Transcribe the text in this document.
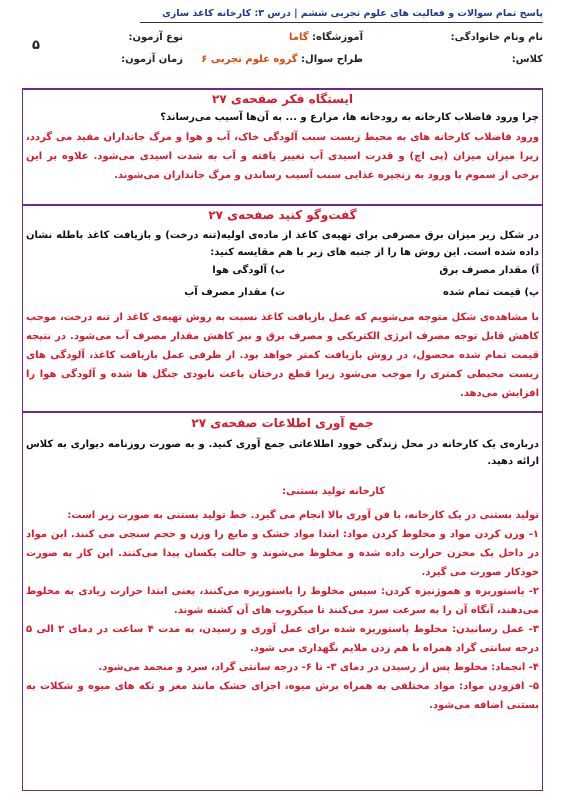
پاسخ تمام سوالات و فعالیت های علوم تجربی ششم | درس ۳: کارخانه کاغذ سازی
نام ونام خانوادگی:
آموزشگاه: گاما
نوع آزمون:
۵
کلاس:
طراح سوال: گروه علوم تجربی ۶
زمان آزمون:
ایستگاه فکر صفحه‌ی ۲۷
چرا ورود فاضلاب کارخانه به رودخانه ها، مزارع و ... به آن‌ها آسیب می‌رساند؟
ورود فاضلاب کارخانه های به محیط زیست سبب آلودگی خاک، آب و هوا و مرگ جانداران مفید می گردد، زیرا میزان میزان (پی اچ) و قدرت اسیدی آب تغییر یافته و آب به شدت اسیدی می‌شود. علاوه بر این برخی از سموم با ورود به زنجیره غذایی سبب آسیب رساندن و مرگ جانداران می‌شوند.
گفت‌وگو کنید صفحه‌ی ۲۷
در شکل زیر میزان برق مصرفی برای تهیه‌ی کاغذ از ماده‌ی اولیه(تنه درخت) و بازیافت کاغذ باطله نشان داده شده است. این روش ها را از جنبه های زیر با هم مقایسه کنید:
آ) مقدار مصرف برق
ب) آلودگی هوا
پ) قیمت تمام شده
ت) مقدار مصرف آب
با مشاهده‌ی شکل متوجه می‌شویم که عمل بازیافت کاغذ نسبت به روش تهیه‌ی کاغذ از تنه درخت، موجب کاهش قابل توجه مصرف انرژی الکتریکی و مصرف برق و نیز کاهش مقدار مصرف آب می‌شود. در نتیجه قیمت تمام شده محصول، در روش بازیافت کمتر خواهد بود. از طرفی عمل بازیافت کاغذ، آلودگی های زیست محیطی کمتری را موجب می‌شود زیرا قطع درختان باعث نابودی جنگل ها شده و آلودگی هوا را افزایش می‌دهد.
جمع آوری اطلاعات صفحه‌ی ۲۷
درباره‌ی یک کارخانه در محل زندگی خوود اطلاعاتی جمع آوری کنید. و به صورت روزنامه دیواری به کلاس ارائه دهید.
کارخانه تولید بستنی:

تولید بستنی در یک کارخانه، با فن آوری بالا انجام می گیرد. خط تولید بستنی به صورت زیر است:

۱- وزن کردن مواد و مخلوط کردن مواد: ابتدا مواد خشک و مایع را وزن و حجم سنجی می کنند. این مواد در داخل یک مخزن حرارت داده شده و مخلوط می‌شوند و حالت یکسان پیدا می‌کنند. این کار به صورت خودکار صورت می گیرد.

۲- پاستوریزه و هموژنیزه کردن: سپس مخلوط را پاستوریزه می‌کنند، یعنی ابتدا حرارت زیادی به مخلوط می‌دهند، آنگاه آن را به سرعت سرد می‌کنند تا میکروب های آن کشته شوند.

۳- عمل رسانیدن: مخلوط پاستوریزه شده برای عمل آوری و رسیدن، به مدت ۴ ساعت در دمای ۲ الی ۵ درجه سانتی گراد همراه با هم زدن ملایم نگهداری می شود.

۴- انجماد: مخلوط پس از رسیدن در دمای ۳- تا ۶- درجه سانتی گراد، سرد و منجمد می‌شود.

۵- افزودن مواد: مواد مختلفی به همراه برش میوه، اجزای خشک مانند مغز و تکه های میوه و شکلات به بستنی اضافه می‌شود.
